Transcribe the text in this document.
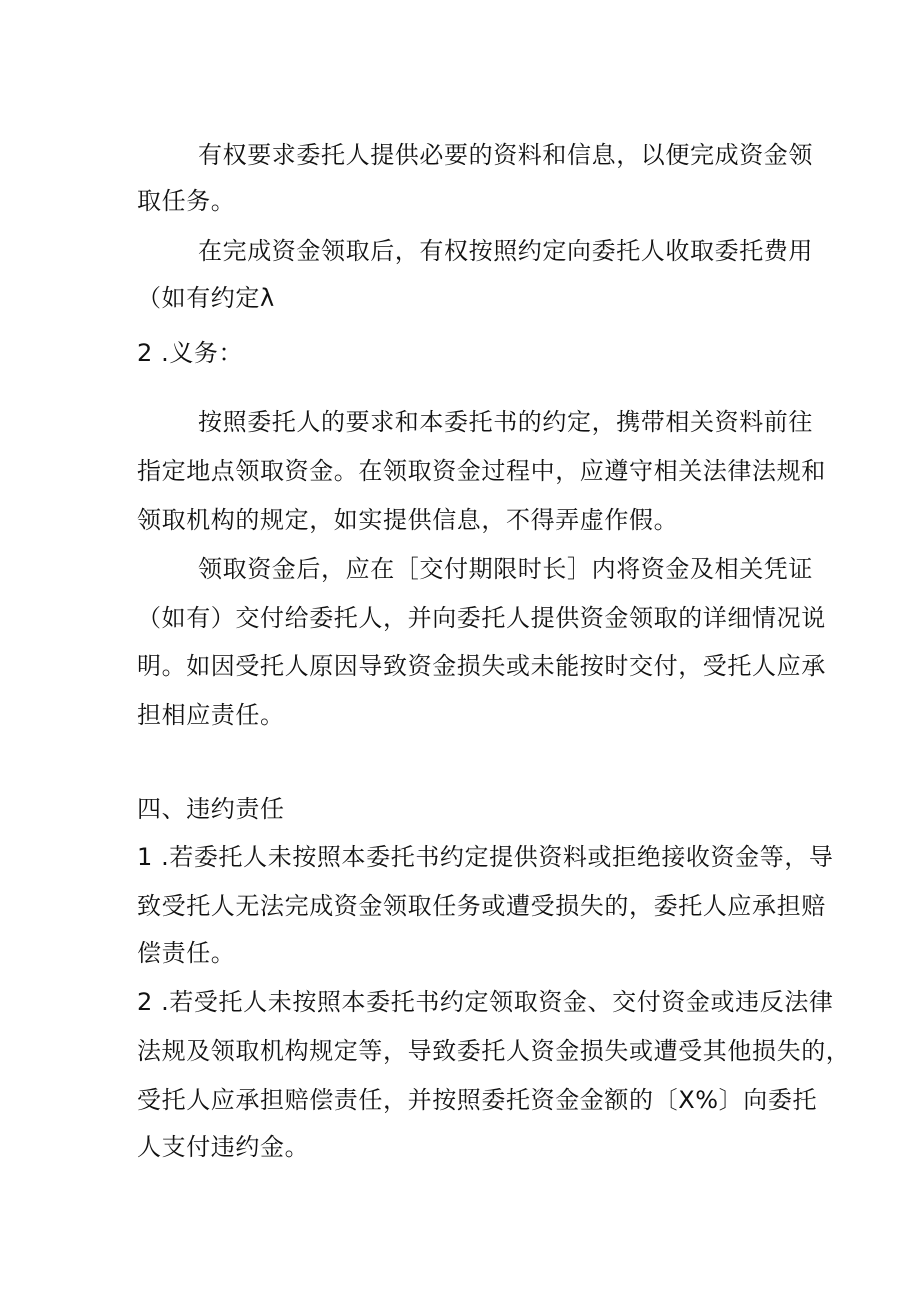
有权要求委托人提供必要的资料和信息，以便完成资金领
取任务。
在完成资金领取后，有权按照约定向委托人收取委托费用
（如有约定λ
2 .义务：
按照委托人的要求和本委托书的约定，携带相关资料前往
指定地点领取资金。在领取资金过程中，应遵守相关法律法规和
领取机构的规定，如实提供信息，不得弄虚作假。
领取资金后，应在［交付期限时长］内将资金及相关凭证
（如有）交付给委托人，并向委托人提供资金领取的详细情况说
明。如因受托人原因导致资金损失或未能按时交付，受托人应承
担相应责任。
四、违约责任
1 .若委托人未按照本委托书约定提供资料或拒绝接收资金等，导
致受托人无法完成资金领取任务或遭受损失的，委托人应承担赔
偿责任。
2 .若受托人未按照本委托书约定领取资金、交付资金或违反法律
法规及领取机构规定等，导致委托人资金损失或遭受其他损失的，
受托人应承担赔偿责任，并按照委托资金金额的〔X%〕向委托
人支付违约金。
